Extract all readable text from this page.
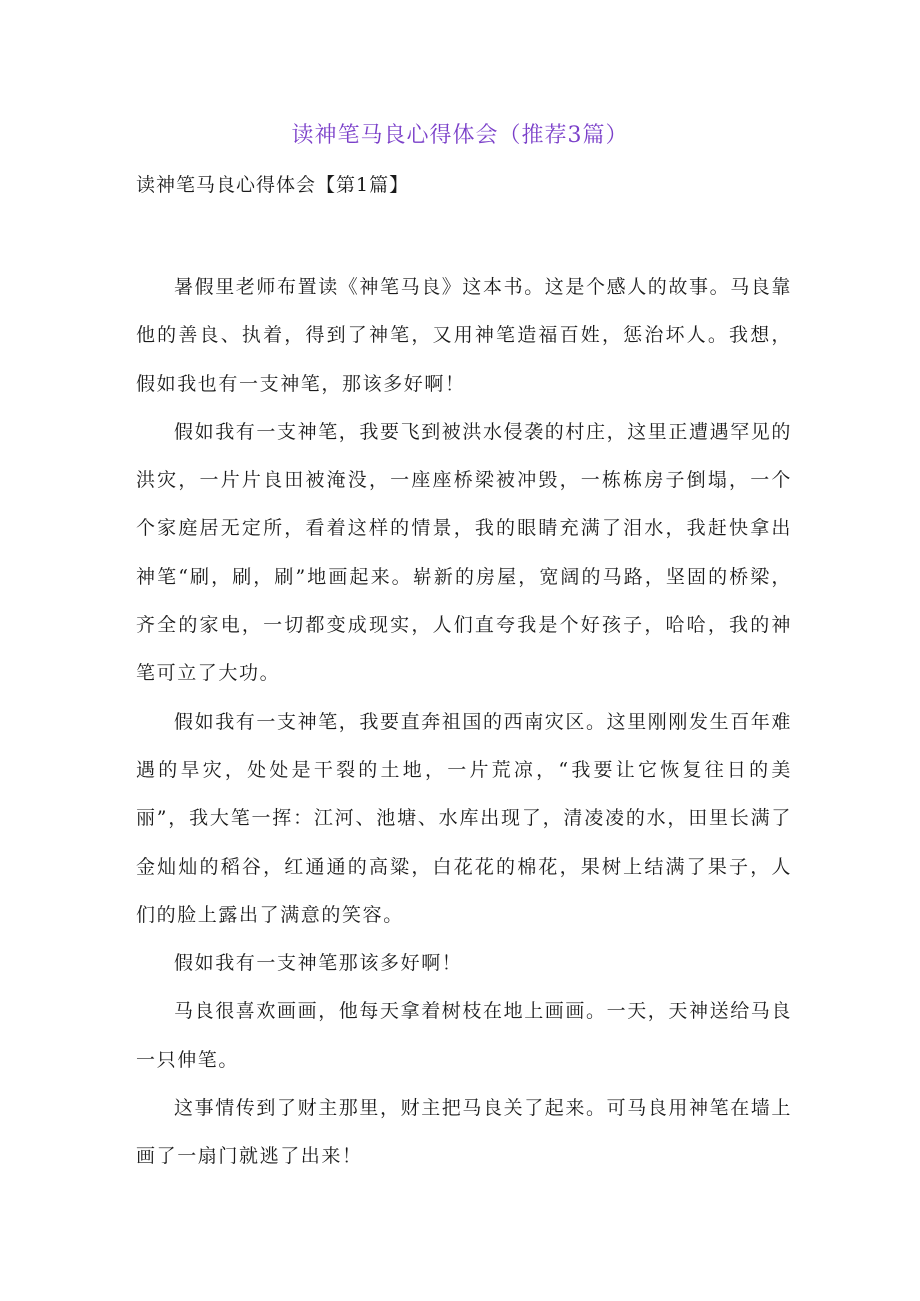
读神笔马良心得体会（推荐3篇）
读神笔马良心得体会【第1篇】

暑假里老师布置读《神笔马良》这本书。这是个感人的故事。马良靠他的善良、执着，得到了神笔，又用神笔造福百姓，惩治坏人。我想，假如我也有一支神笔，那该多好啊！

假如我有一支神笔，我要飞到被洪水侵袭的村庄，这里正遭遇罕见的洪灾，一片片良田被淹没，一座座桥梁被冲毁，一栋栋房子倒塌，一个个家庭居无定所，看着这样的情景，我的眼睛充满了泪水，我赶快拿出神笔“刷，刷，刷”地画起来。崭新的房屋，宽阔的马路，坚固的桥梁，齐全的家电，一切都变成现实，人们直夸我是个好孩子，哈哈，我的神笔可立了大功。

假如我有一支神笔，我要直奔祖国的西南灾区。这里刚刚发生百年难遇的旱灾，处处是干裂的土地，一片荒凉，“我要让它恢复往日的美丽”，我大笔一挥：江河、池塘、水库出现了，清凌凌的水，田里长满了金灿灿的稻谷，红通通的高粱，白花花的棉花，果树上结满了果子，人们的脸上露出了满意的笑容。

假如我有一支神笔那该多好啊！

马良很喜欢画画，他每天拿着树枝在地上画画。一天，天神送给马良一只伸笔。

这事情传到了财主那里，财主把马良关了起来。可马良用神笔在墙上画了一扇门就逃了出来！
